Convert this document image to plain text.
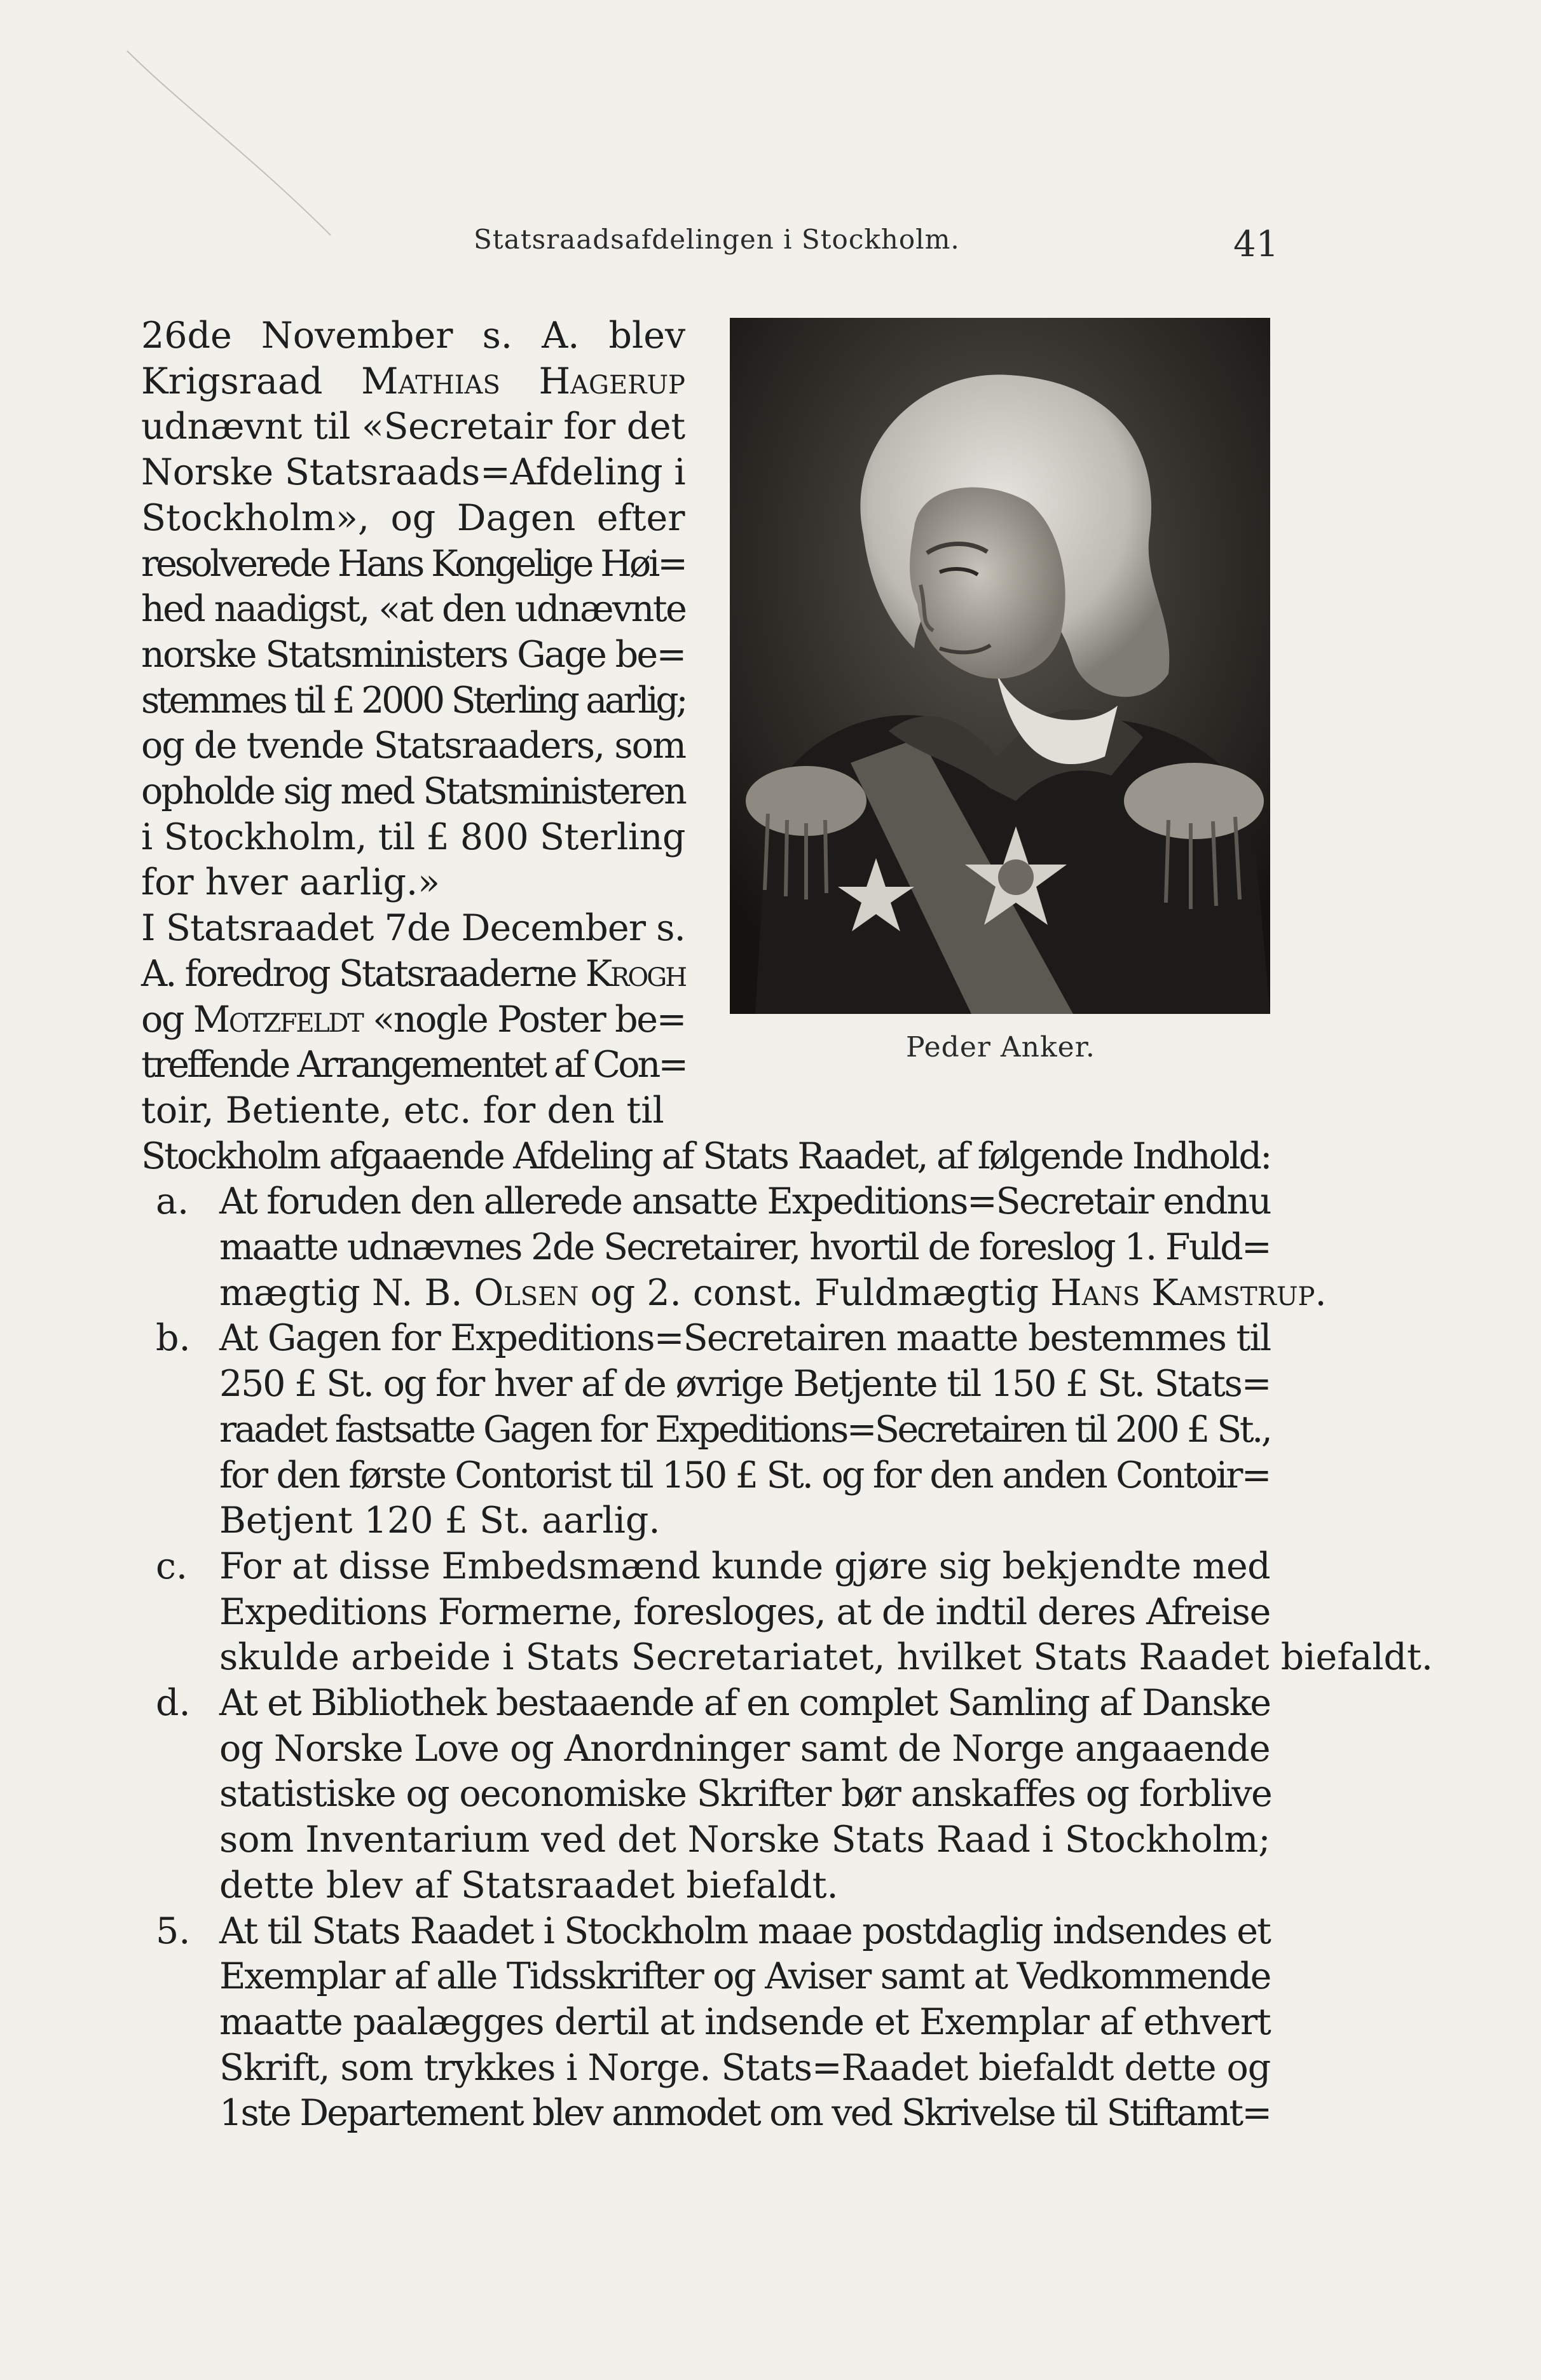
Statsraadsafdelingen i Stockholm.	41
Peder Anker.
26de November s. A. blev
Krigsraad Mathias Hagerup
udnævnt til «Secretair for det
Norske Statsraads=Afdeling i
Stockholm», og Dagen efter
resolverede Hans Kongelige Høi=
hed naadigst, «at den udnævnte
norske Statsministers Gage be=
stemmes til £ 2000 Sterling aarlig;
og de tvende Statsraaders, som
opholde sig med Statsministeren
i Stockholm, til £ 800 Sterling
for hver aarlig.»
I Statsraadet 7de December s.
A. foredrog Statsraaderne Krogh
og Motzfeldt «nogle Poster be=
treffende Arrangementet af Con=
toir, Betiente, etc. for den til
Stockholm afgaaende Afdeling af Stats Raadet, af følgende Indhold:
a. At foruden den allerede ansatte Expeditions=Secretair endnu
maatte udnævnes 2de Secretairer, hvortil de foreslog 1. Fuld=
mægtig N. B. Olsen og 2. const. Fuldmægtig Hans Kamstrup.
b. At Gagen for Expeditions=Secretairen maatte bestemmes til
250 £ St. og for hver af de øvrige Betjente til 150 £ St. Stats=
raadet fastsatte Gagen for Expeditions=Secretairen til 200 £ St.,
for den første Contorist til 150 £ St. og for den anden Contoir=
Betjent 120 £ St. aarlig.
c. For at disse Embedsmænd kunde gjøre sig bekjendte med
Expeditions Formerne, foresloges, at de indtil deres Afreise
skulde arbeide i Stats Secretariatet, hvilket Stats Raadet biefaldt.
d. At et Bibliothek bestaaende af en complet Samling af Danske
og Norske Love og Anordninger samt de Norge angaaende
statistiske og oeconomiske Skrifter bør anskaffes og forblive
som Inventarium ved det Norske Stats Raad i Stockholm;
dette blev af Statsraadet biefaldt.
5. At til Stats Raadet i Stockholm maae postdaglig indsendes et
Exemplar af alle Tidsskrifter og Aviser samt at Vedkommende
maatte paalægges dertil at indsende et Exemplar af ethvert
Skrift, som trykkes i Norge. Stats=Raadet biefaldt dette og
1ste Departement blev anmodet om ved Skrivelse til Stiftamt=
